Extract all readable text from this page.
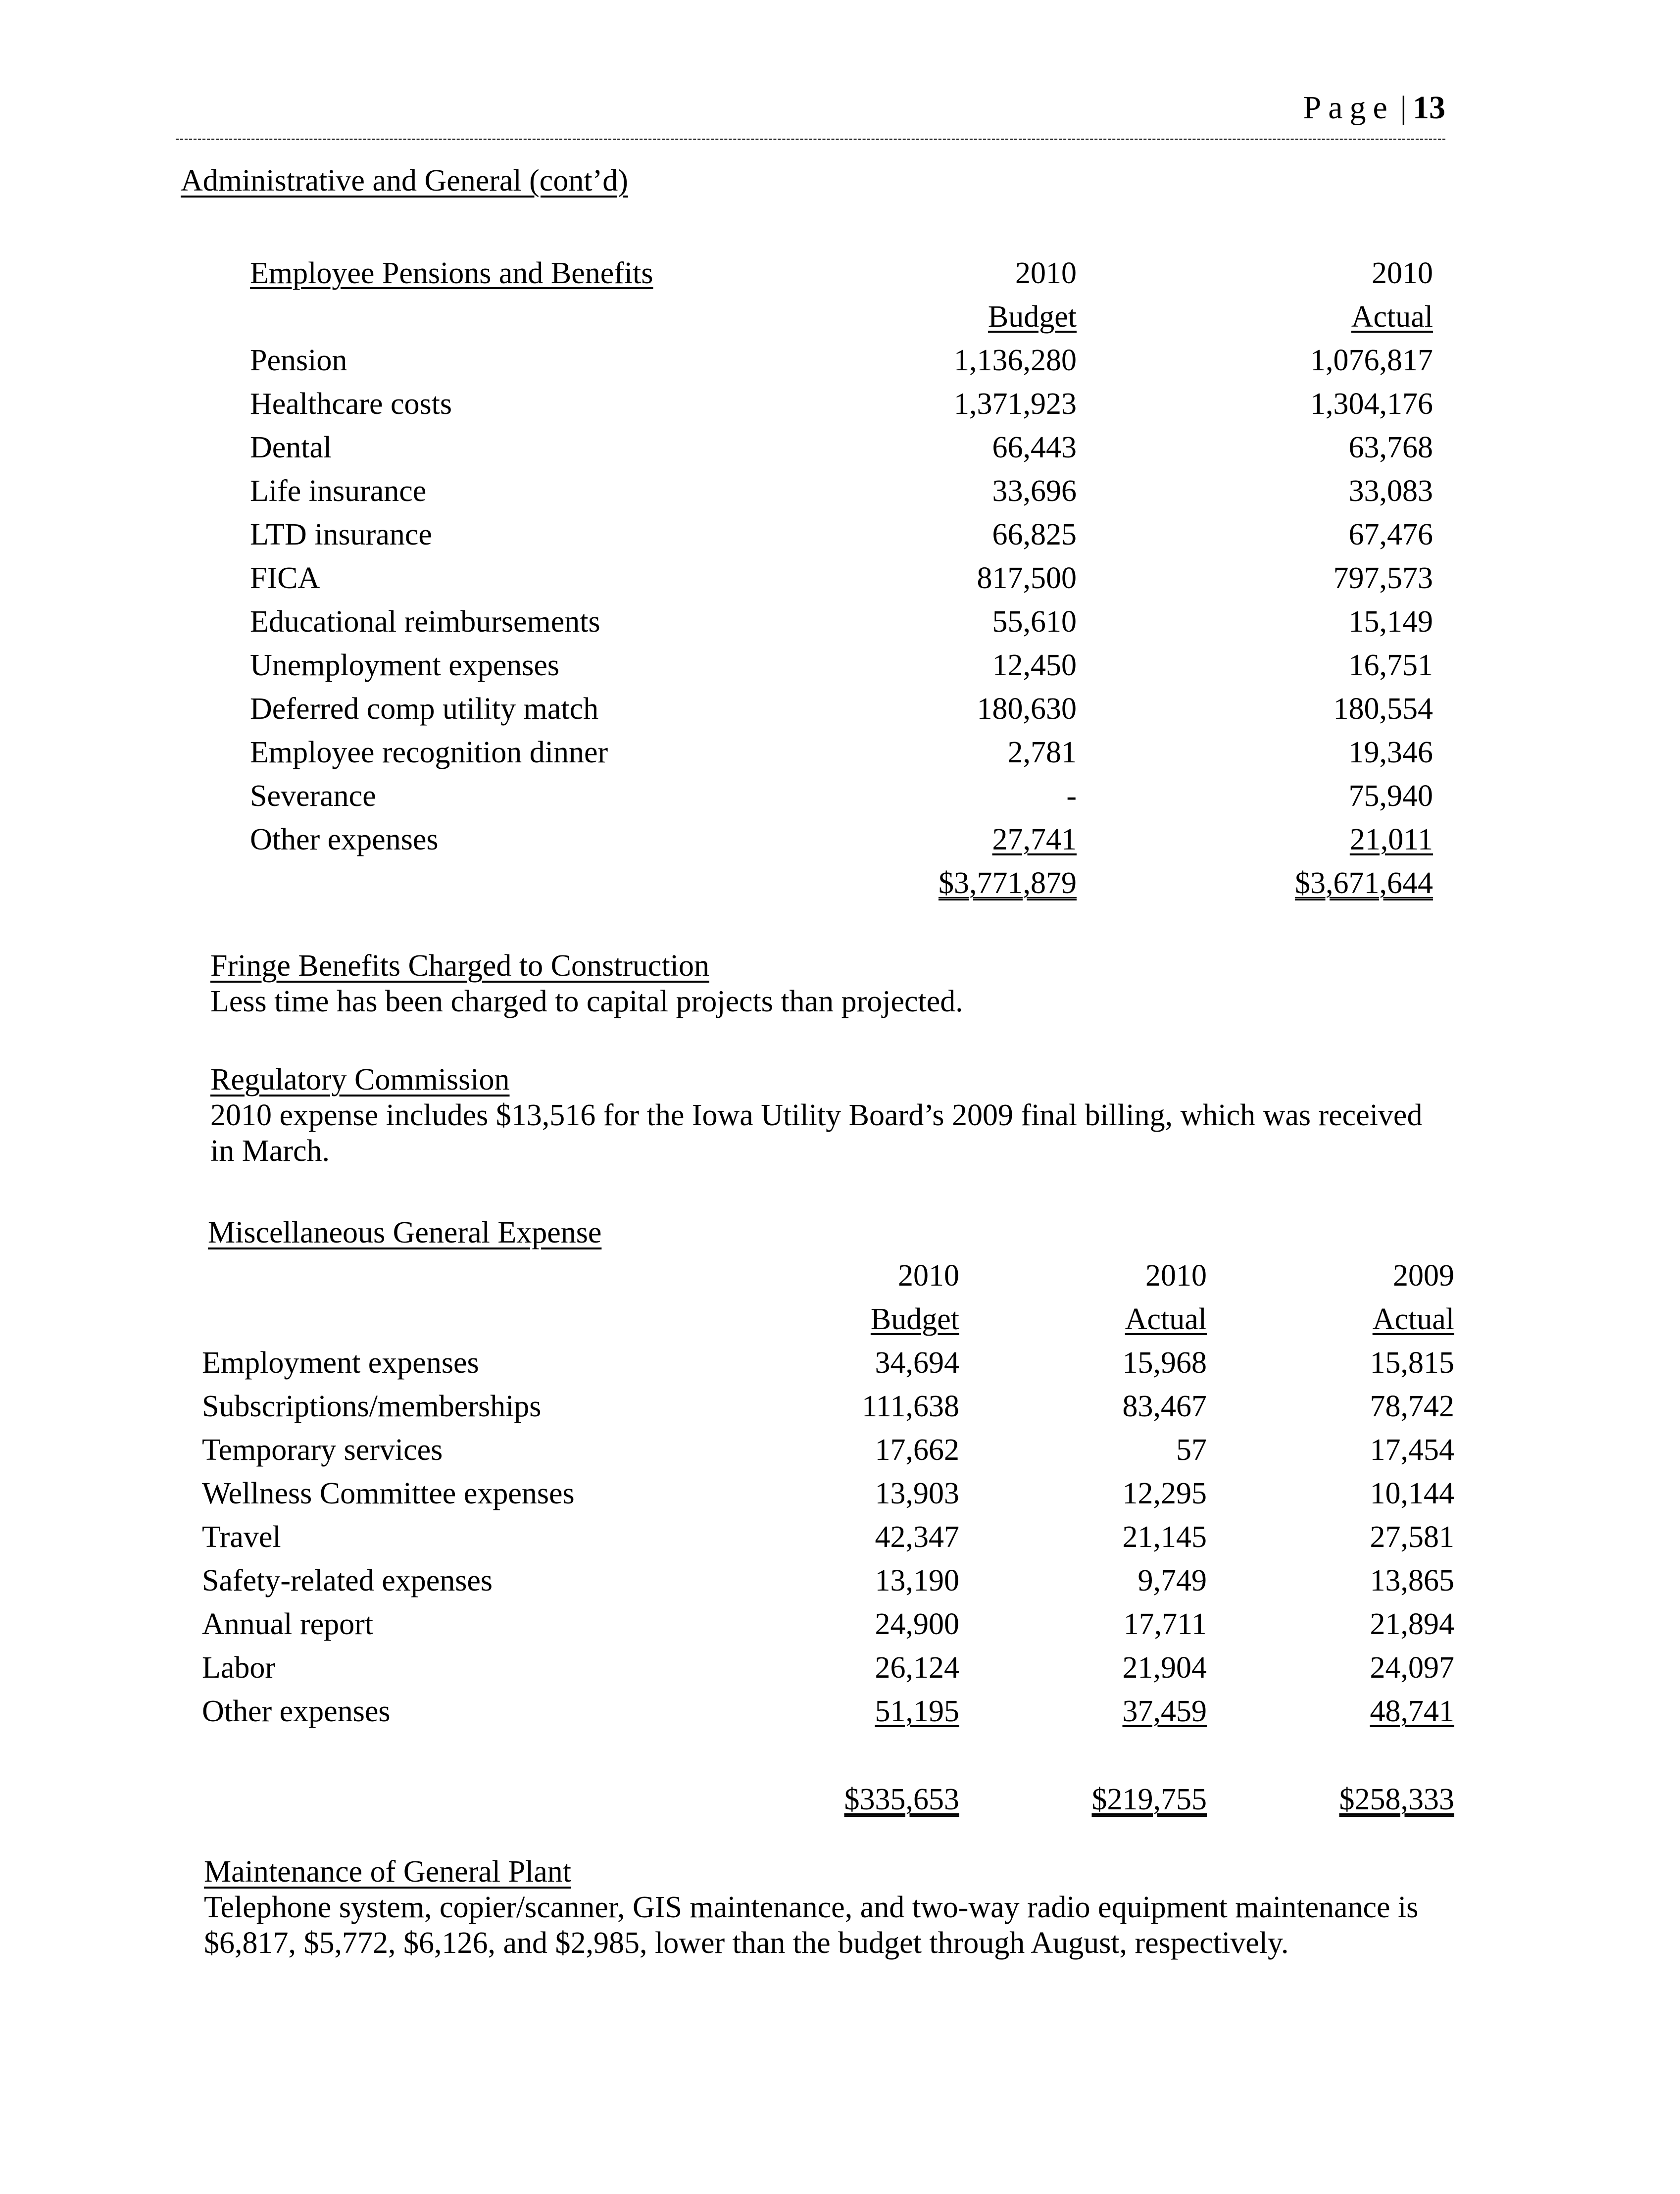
Page | 13
Administrative and General (cont’d)
Employee Pensions and Benefits	2010	2010
	Budget	Actual
Pension	1,136,280	1,076,817
Healthcare costs	1,371,923	1,304,176
Dental	66,443	63,768
Life insurance	33,696	33,083
LTD insurance	66,825	67,476
FICA	817,500	797,573
Educational reimbursements	55,610	15,149
Unemployment expenses	12,450	16,751
Deferred comp utility match	180,630	180,554
Employee recognition dinner	2,781	19,346
Severance	-	75,940
Other expenses	27,741	21,011
	$3,771,879	$3,671,644
Fringe Benefits Charged to Construction
Less time has been charged to capital projects than projected.
Regulatory Commission
2010 expense includes $13,516 for the Iowa Utility Board’s 2009 final billing, which was received in March.
Miscellaneous General Expense
	2010	2010	2009
	Budget	Actual	Actual
Employment expenses	34,694	15,968	15,815
Subscriptions/memberships	111,638	83,467	78,742
Temporary services	17,662	57	17,454
Wellness Committee expenses	13,903	12,295	10,144
Travel	42,347	21,145	27,581
Safety-related expenses	13,190	9,749	13,865
Annual report	24,900	17,711	21,894
Labor	26,124	21,904	24,097
Other expenses	51,195	37,459	48,741

	$335,653	$219,755	$258,333
Maintenance of General Plant
Telephone system, copier/scanner, GIS maintenance, and two-way radio equipment maintenance is $6,817, $5,772, $6,126, and $2,985, lower than the budget through August, respectively.
